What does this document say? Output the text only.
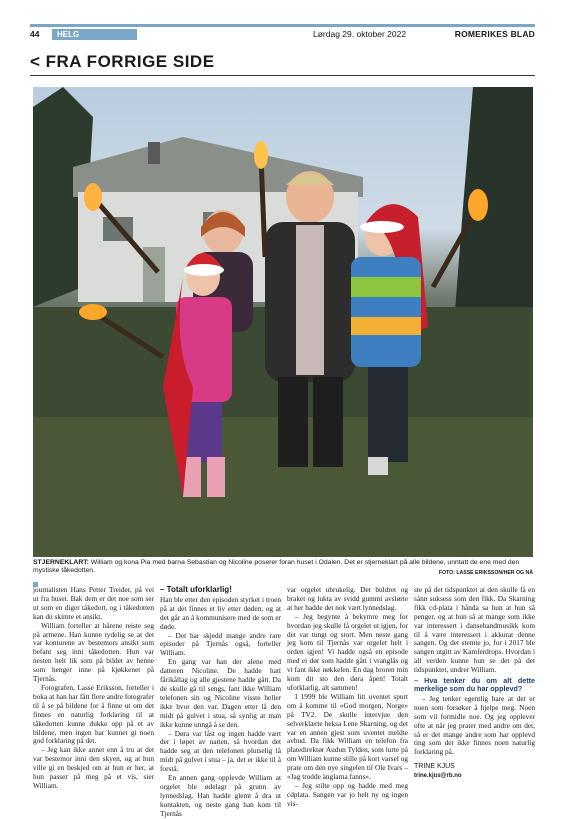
44	HELG	Lørdag 29. oktober 2022	ROMERIKES BLAD
< FRA FORRIGE SIDE
STJERNEKLART: William og kona Pia med barna Sebastian og Nicoline poserer foran huset i Odalen. Det er stjerneklart på alle bildene, unntatt de ene med den mystiske tåkedotten.	FOTO: LASSE ERIKSSON/HER OG NÅ

journalisten Hans Petter Treider, på vei ut fra huset. Bak dem er det noe som ser ut som en diger tåkedott, og i tåkedotten kan du skimte et ansikt.

William forteller at hårene reiste seg på armene. Han kunne tydelig se at det var konturene av bestemors ansikt som befant seg inni tåkedotten. Hun var nesten helt lik som på bildet av henne som henger inne på kjøkkenet på Tjernås.

Fotografen, Lasse Eriksson, forteller i boka at han har fått flere andre fotografer til å se på bildene for å finne ut om det finnes en naturlig forklaring til at tåkedotten kunne dukke opp på et av bildene, men ingen har kunnet gi noen god forklaring på det.

– Jeg kan ikke annet enn å tru at det var bestemor inni den skyen, og at hun ville gi en beskjed om at hun er her, at hun passer på meg på et vis, sier William.

– Totalt uforklarlig!

Han ble etter den episoden styrket i troen på at det finnes et liv etter døden, og at det går an å kommunisere med de som er døde.

– Det har skjedd mange andre rare episoder på Tjernås også, forteller William.

En gang var han der alene med datteren Nicoline. De hadde hatt fårikållag og alle gjestene hadde gått. Da de skulle gå til sengs, fant ikke William telefonen sin og Nicoline visste heller ikke hvor den var. Dagen etter lå den midt på gulvet i stua, så synlig at man ikke kunne unngå å se den.

– Døra var låst og ingen hadde vært der i løpet av natten, så hvordan det hadde seg at den telefonen plutselig lå midt på gulvet i stua – ja, det er ikke til å forstå.

En annen gang opplevde William at orgelet ble ødelagt på grunn av lynnedslag. Han hadde glemt å dra ut kontakten, og neste gang han kom til Tjernås

var orgelet ubrukelig. Det buldret og braket og lukta av svidd gummi avslørte at her hadde det nok vært lynnedslag.

– Jeg begynte å bekymre meg for hvordan jeg skulle få orgelet ut igjen, for det var tungt og stort. Men neste gang jeg kom til Tjernås var orgelet helt i orden igjen! Vi hadde også en episode med ei dør som hadde gått i vranglås og vi fant ikke nøkkelen. En dag broren min kom dit sto den døra åpen! Totalt uforklarlig, alt sammen!

I 1999 ble William litt uventet spurt om å komme til «God morgen, Norge» på TV2. De skulle intervjue den selverklærte heksa Lene Skarning, og det var en annen gjest som uventet meldte avbud. Da fikk William en telefon fra platedirektør Audun Tylden, som lurte på om William kunne stille på kort varsel og prate om den nye singelen til Ole Ivars – «Jag trodde änglarna fanns».

– Jeg stilte opp og hadde med meg cdplata. Sangen var jo helt ny og ingen vis-

ste på det tidspunktet at den skulle få en sånn suksess som den fikk. Da Skarning fikk cd-plata i hånda sa hun at hun så penger, og at hun så at mange som ikke var interessert i dansebandmusikk kom til å være interessert i akkurat denne sangen. Og det stemte jo, for i 2017 ble sangen utgitt av Kamferdrops. Hvordan i all verden kunne hun se det på det tidspunktet, undrer William.

– Hva tenker du om alt dette merkelige som du har opplevd?

– Jeg tenker egentlig bare at det er noen som forsøker å hjelpe meg. Noen som vil formidle noe. Og jeg opplever ofte at når jeg prater med andre om det, så er det mange andre som har opplevd ting som det ikke finnes noen naturlig forklaring på.

TRINE KJUS
trine.kjus@rb.no
